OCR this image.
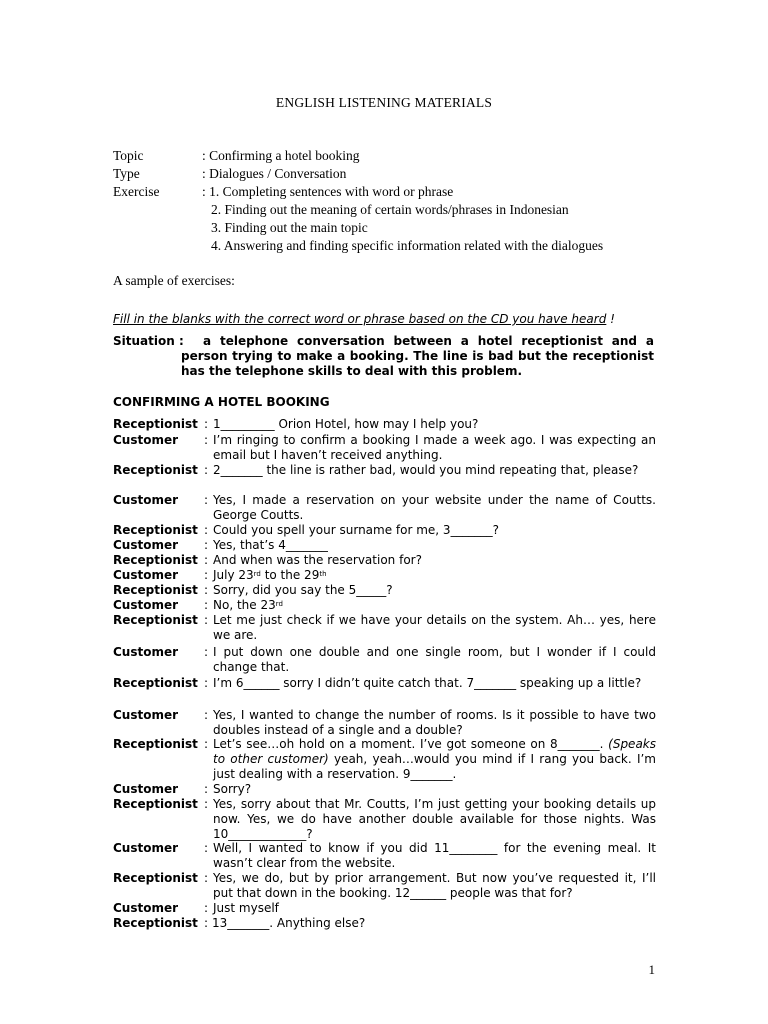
ENGLISH LISTENING MATERIALS
Topic	: Confirming a hotel booking
Type	: Dialogues / Conversation
Exercise	: 1. Completing sentences with word or phrase
2. Finding out the meaning of certain words/phrases in Indonesian
3. Finding out the main topic
4. Answering and finding specific information related with the dialogues
A sample of exercises:
Fill in the blanks with the correct word or phrase based on the CD you have heard !
Situation :	a telephone conversation between a hotel receptionist and a
person trying to make a booking. The line is bad but the receptionist has the telephone skills to deal with this problem.
CONFIRMING A HOTEL BOOKING
Receptionist : 1_________ Orion Hotel, how may I help you?
Customer	: I’m ringing to confirm a booking I made a week ago. I was expecting an email but I haven’t received anything.
Receptionist : 2_______ the line is rather bad, would you mind repeating that, please?
Customer	: Yes, I made a reservation on your website under the name of Coutts. George Coutts.
Receptionist : Could you spell your surname for me, 3_______?
Customer	: Yes, that’s 4_______
Receptionist : And when was the reservation for?
Customer	: July 23rd to the 29th
Receptionist : Sorry, did you say the 5_____?
Customer	: No, the 23rd
Receptionist : Let me just check if we have your details on the system. Ah… yes, here we are.
Customer	: I put down one double and one single room, but I wonder if I could change that.
Receptionist : I’m 6______ sorry I didn’t quite catch that. 7_______ speaking up a little?
Customer	: Yes, I wanted to change the number of rooms. Is it possible to have two doubles instead of a single and a double?
Receptionist : Let’s see…oh hold on a moment. I’ve got someone on 8_______. (Speaks to other customer) yeah, yeah…would you mind if I rang you back. I’m just dealing with a reservation. 9_______.
Customer	: Sorry?
Receptionist : Yes, sorry about that Mr. Coutts, I’m just getting your booking details up now. Yes, we do have another double available for those nights. Was 10_____________?
Customer	: Well, I wanted to know if you did 11________ for the evening meal. It wasn’t clear from the website.
Receptionist : Yes, we do, but by prior arrangement. But now you’ve requested it, I’ll put that down in the booking. 12______ people was that for?
Customer	: Just myself
Receptionist : 13_______. Anything else?
1
